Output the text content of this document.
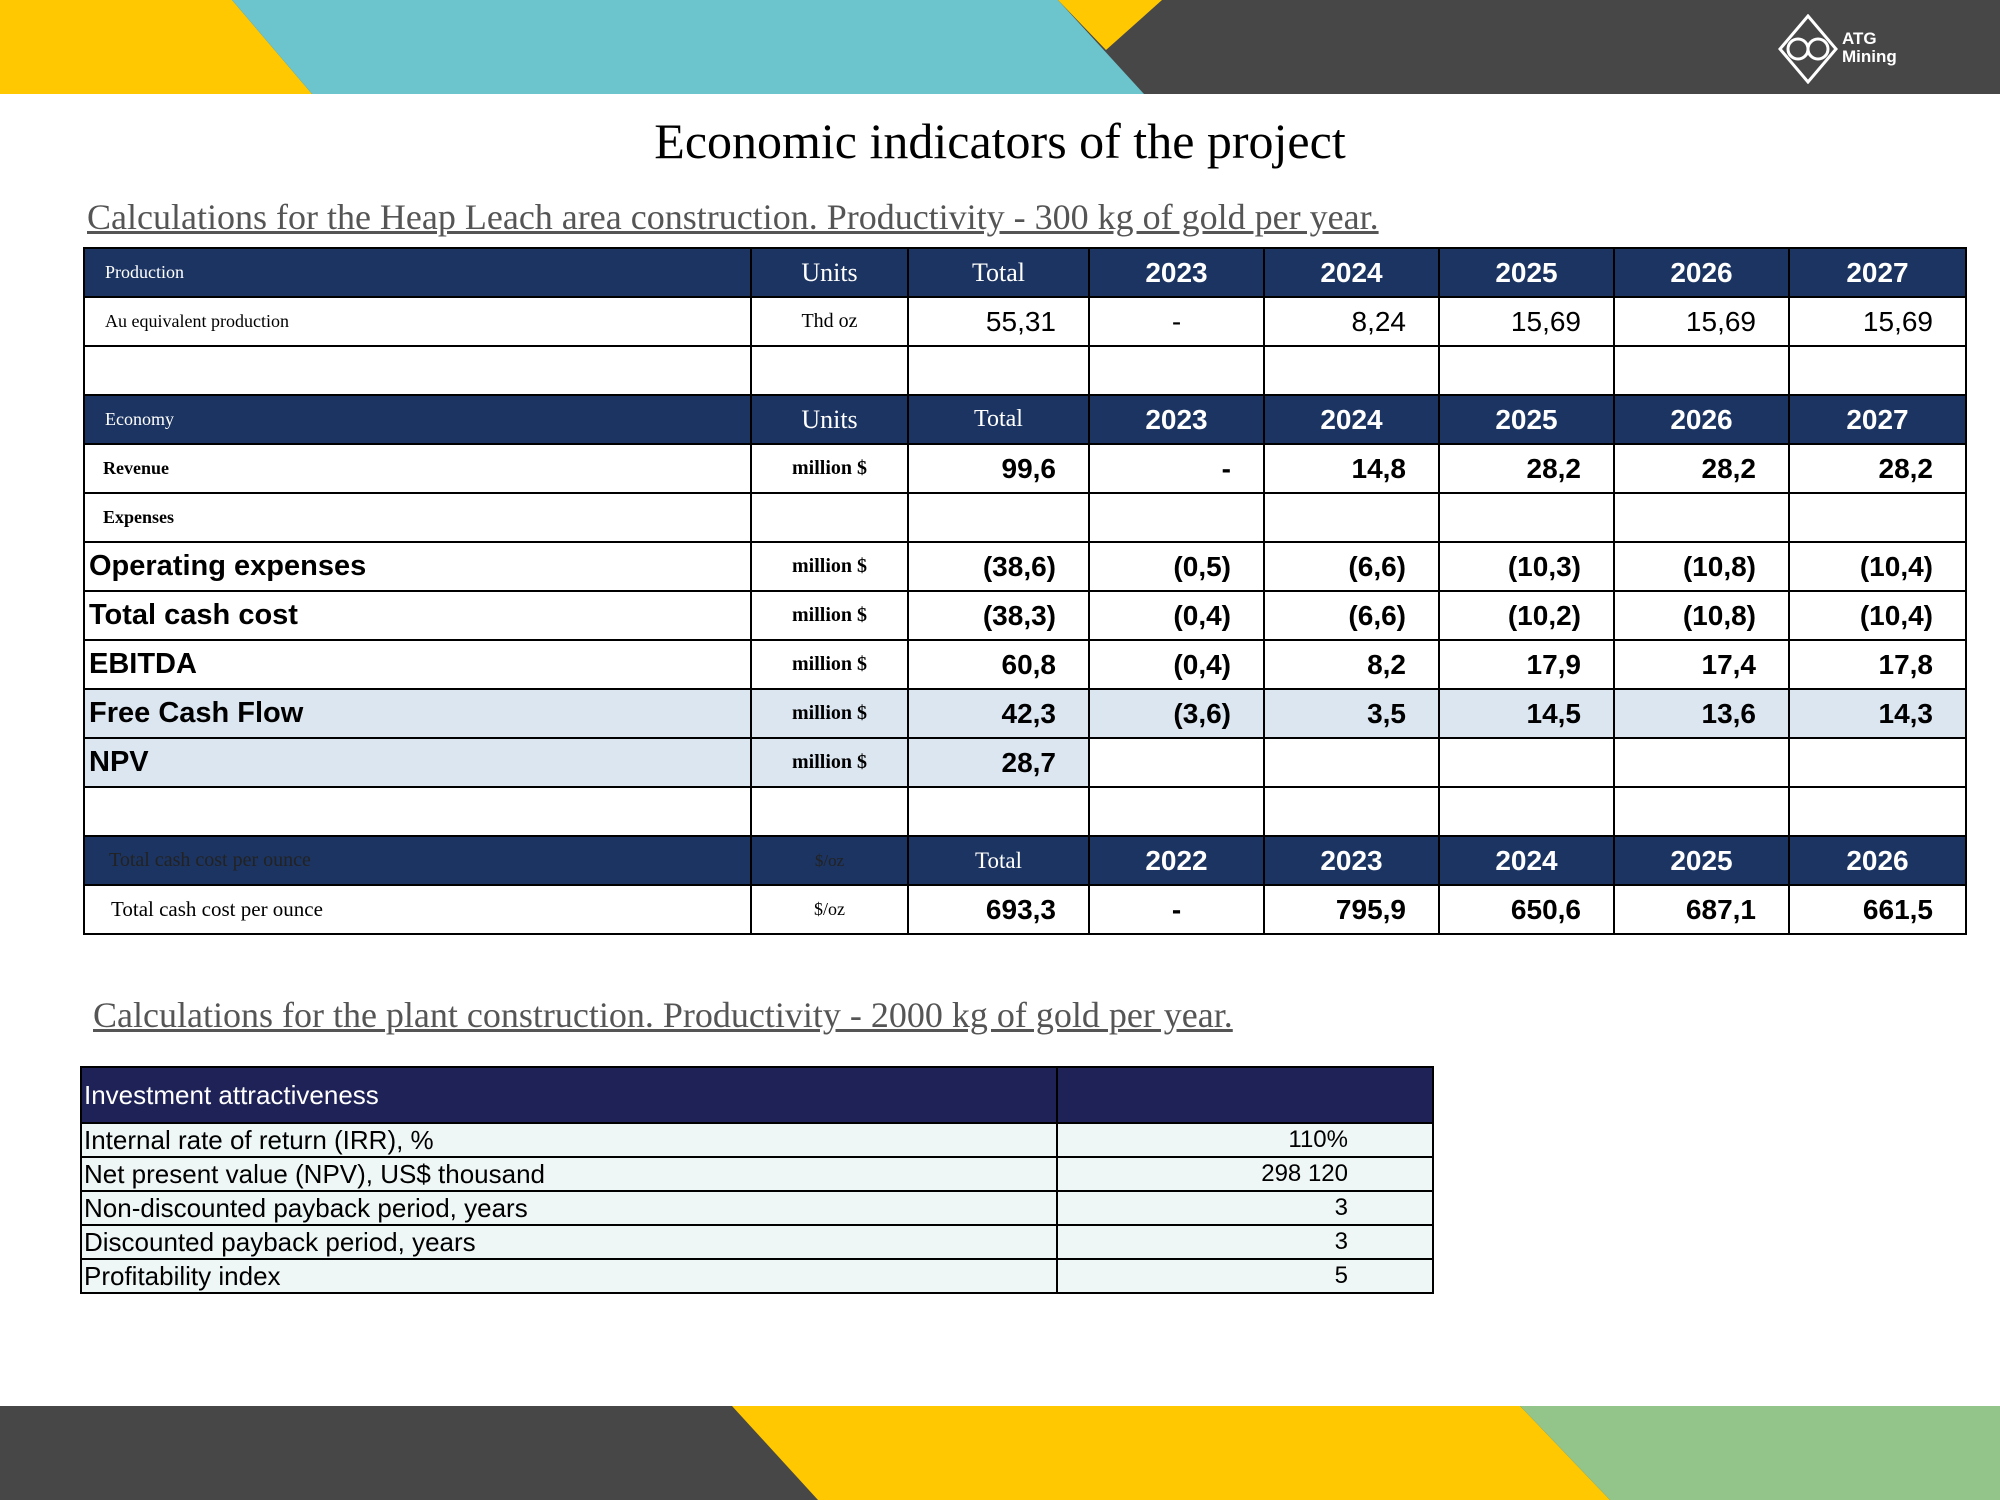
ATG
Mining
Economic indicators of the project
Calculations for the Heap Leach area construction. Productivity - 300 kg of gold per year.
Production	Units	Total	2023	2024	2025	2026	2027
Au equivalent production	Thd oz	55,31	-	8,24	15,69	15,69	15,69

Economy	Units	Total	2023	2024	2025	2026	2027
Revenue	million $	99,6	-	14,8	28,2	28,2	28,2
Expenses							
Operating expenses	million $	(38,6)	(0,5)	(6,6)	(10,3)	(10,8)	(10,4)
Total cash cost	million $	(38,3)	(0,4)	(6,6)	(10,2)	(10,8)	(10,4)
EBITDA	million $	60,8	(0,4)	8,2	17,9	17,4	17,8
Free Cash Flow	million $	42,3	(3,6)	3,5	14,5	13,6	14,3
NPV	million $	28,7					

Total cash cost per ounce	$/oz	Total	2022	2023	2024	2025	2026
Total cash cost per ounce	$/oz	693,3	-	795,9	650,6	687,1	661,5
Calculations for the plant construction. Productivity - 2000 kg of gold per year.
Investment attractiveness	
Internal rate of return (IRR), %	110%
Net present value (NPV), US$ thousand	298 120
Non-discounted payback period, years	3
Discounted payback period, years	3
Profitability index	5
